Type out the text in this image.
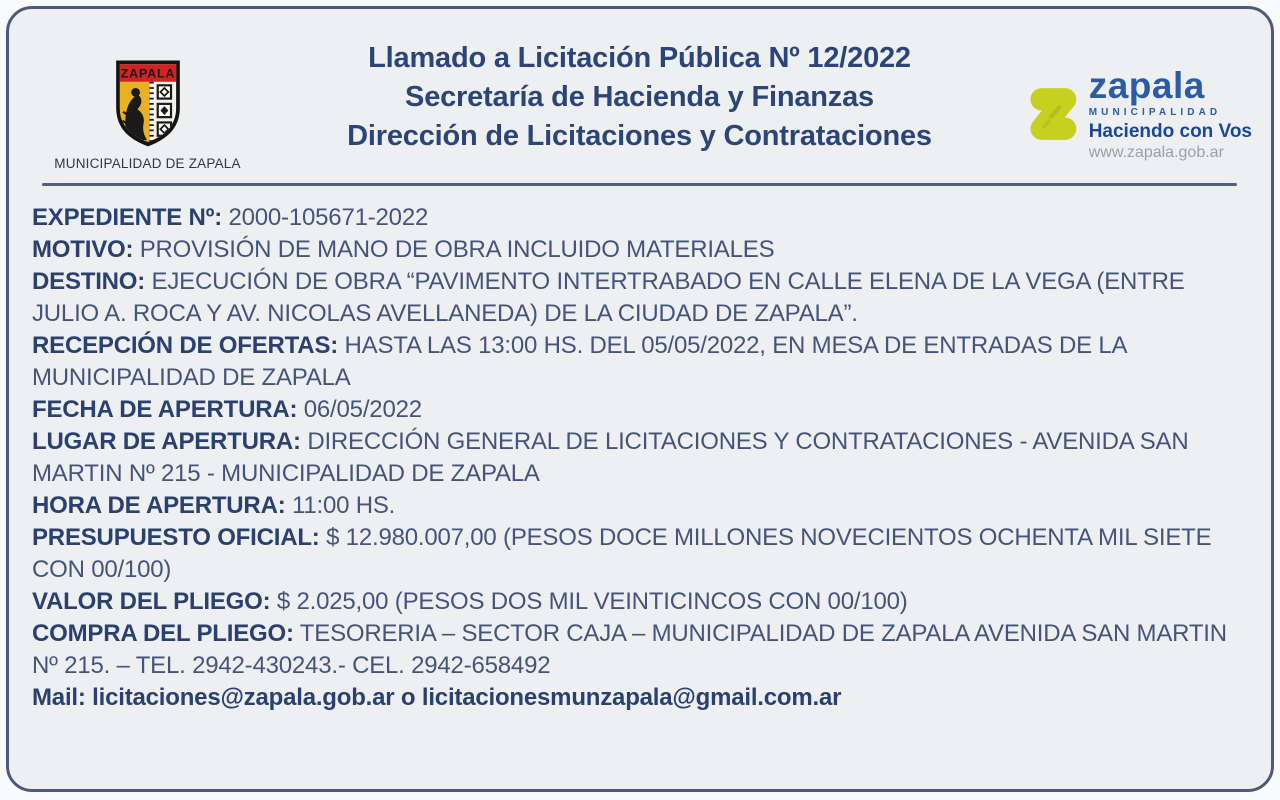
ZAPALA
MUNICIPALIDAD DE ZAPALA
Llamado a Licitación Pública Nº 12/2022
Secretaría de Hacienda y Finanzas
Dirección de Licitaciones y Contrataciones
zapala
MUNICIPALIDAD
Haciendo con Vos
www.zapala.gob.ar
EXPEDIENTE Nº: 2000-105671-2022
MOTIVO: PROVISIÓN DE MANO DE OBRA INCLUIDO MATERIALES
DESTINO: EJECUCIÓN DE OBRA “PAVIMENTO INTERTRABADO EN CALLE ELENA DE LA VEGA (ENTRE JULIO A. ROCA Y AV. NICOLAS AVELLANEDA) DE LA CIUDAD DE ZAPALA”.
RECEPCIÓN DE OFERTAS: HASTA LAS 13:00 HS. DEL 05/05/2022, EN MESA DE ENTRADAS DE LA MUNICIPALIDAD DE ZAPALA
FECHA DE APERTURA: 06/05/2022
LUGAR DE APERTURA: DIRECCIÓN GENERAL DE LICITACIONES Y CONTRATACIONES - AVENIDA SAN MARTIN Nº 215 - MUNICIPALIDAD DE ZAPALA
HORA DE APERTURA: 11:00 HS.
PRESUPUESTO OFICIAL: $ 12.980.007,00 (PESOS DOCE MILLONES NOVECIENTOS OCHENTA MIL SIETE CON 00/100)
VALOR DEL PLIEGO: $ 2.025,00 (PESOS DOS MIL VEINTICINCOS CON 00/100)
COMPRA DEL PLIEGO: TESORERIA – SECTOR CAJA – MUNICIPALIDAD DE ZAPALA AVENIDA SAN MARTIN Nº 215. – TEL. 2942-430243.- CEL. 2942-658492
Mail: licitaciones@zapala.gob.ar o licitacionesmunzapala@gmail.com.ar
